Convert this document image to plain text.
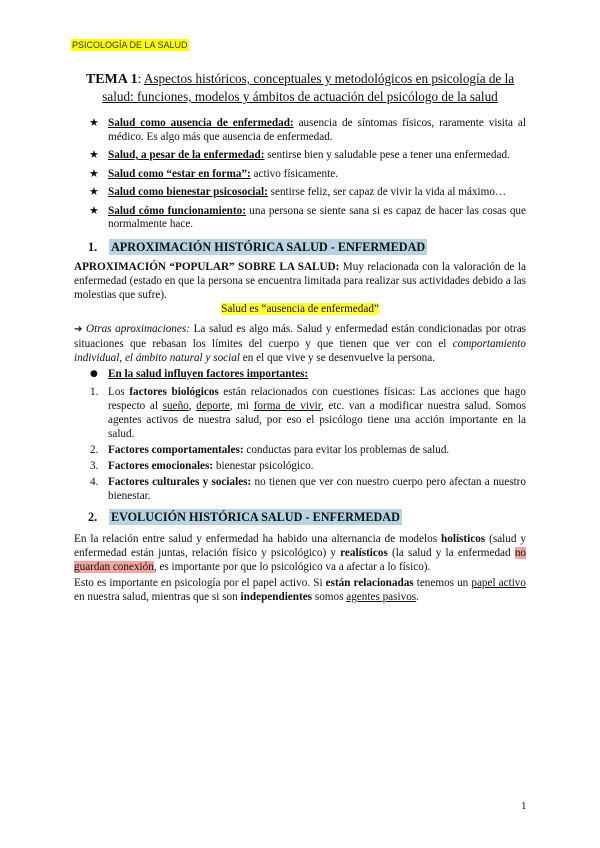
PSICOLOGÍA DE LA SALUD
TEMA 1: Aspectos históricos, conceptuales y metodológicos en psicología de la salud: funciones, modelos y ámbitos de actuación del psicólogo de la salud
★ Salud como ausencia de enfermedad: ausencia de síntomas físicos, raramente visita al médico. Es algo más que ausencia de enfermedad.
★ Salud, a pesar de la enfermedad: sentirse bien y saludable pese a tener una enfermedad.
★ Salud como “estar en forma”: activo físicamente.
★ Salud como bienestar psicosocial: sentirse feliz, ser capaz de vivir la vida al máximo…
★ Salud cómo funcionamiento: una persona se siente sana si es capaz de hacer las cosas que normalmente hace.
1. APROXIMACIÓN HISTÓRICA SALUD - ENFERMEDAD

APROXIMACIÓN “POPULAR” SOBRE LA SALUD: Muy relacionada con la valoración de la enfermedad (estado en que la persona se encuentra limitada para realizar sus actividades debido a las molestias que sufre).

Salud es “ausencia de enfermedad”

➔ Otras aproximaciones: La salud es algo más. Salud y enfermedad están condicionadas por otras situaciones que rebasan los límites del cuerpo y que tienen que ver con el comportamiento individual, el ámbito natural y social en el que vive y se desenvuelve la persona.

● En la salud influyen factores importantes:
1. Los factores biológicos están relacionados con cuestiones físicas: Las acciones que hago respecto al sueño, deporte, mi forma de vivir, etc. van a modificar nuestra salud. Somos agentes activos de nuestra salud, por eso el psicólogo tiene una acción importante en la salud.
2. Factores comportamentales: conductas para evitar los problemas de salud.
3. Factores emocionales: bienestar psicológico.
4. Factores culturales y sociales: no tienen que ver con nuestro cuerpo pero afectan a nuestro bienestar.
2. EVOLUCIÓN HISTÓRICA SALUD - ENFERMEDAD

En la relación entre salud y enfermedad ha habido una alternancia de modelos holísticos (salud y enfermedad están juntas, relación físico y psicológico) y realísticos (la salud y la enfermedad no guardan conexión, es importante por que lo psicológico va a afectar a lo físico).

Esto es importante en psicología por el papel activo. Si están relacionadas tenemos un papel activo en nuestra salud, mientras que si son independientes somos agentes pasivos.

1
